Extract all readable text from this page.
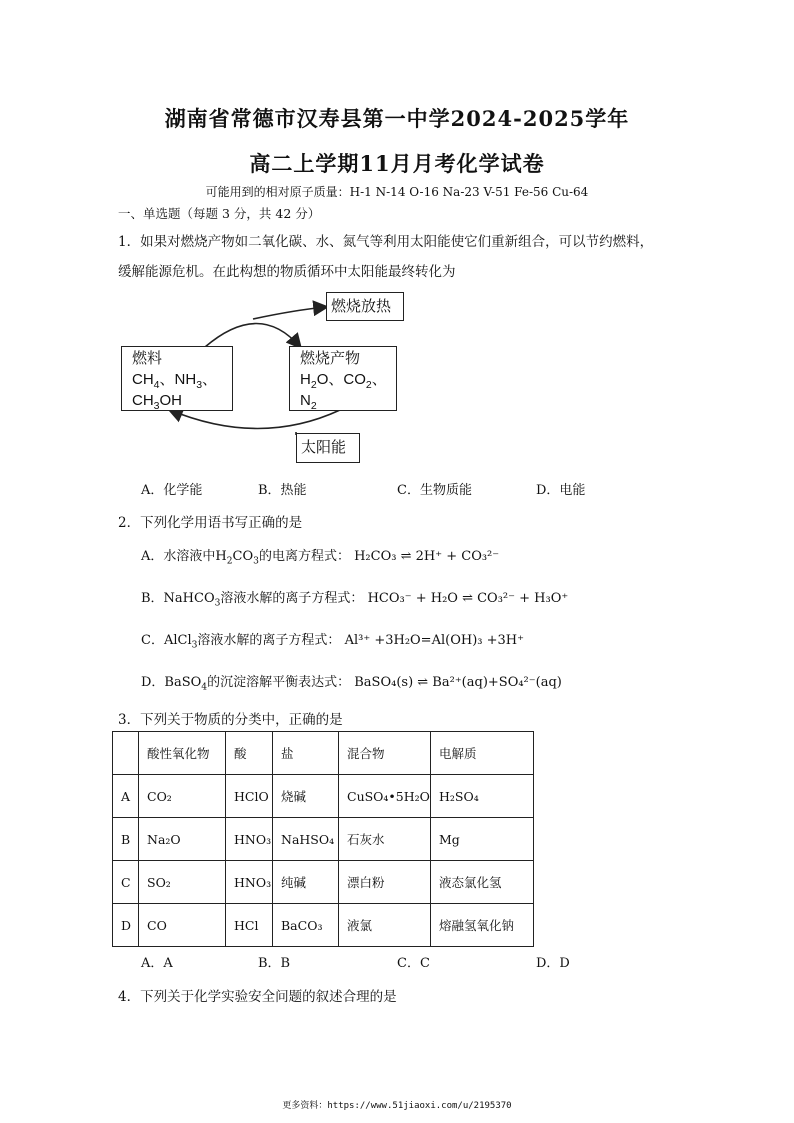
湖南省常德市汉寿县第一中学2024-2025学年
高二上学期11月月考化学试卷
可能用到的相对原子质量：H-1 N-14 O-16 Na-23 V-51 Fe-56 Cu-64
一、单选题（每题 3 分，共 42 分）
1．如果对燃烧产物如二氧化碳、水、氮气等利用太阳能使它们重新组合，可以节约燃料，
缓解能源危机。在此构想的物质循环中太阳能最终转化为
燃烧放热
燃料
$CH_4$、$NH_3$、
$CH_3OH$
燃烧产物
$H_2O$、$CO_2$、
$N_2$
太阳能
A．化学能	B．热能	C．生物质能	D．电能
2．下列化学用语书写正确的是
A．水溶液中$H_2CO_3$的电离方程式： H₂CO₃ ⇌ 2H⁺ + CO₃²⁻
B．NaHCO$_3$溶液水解的离子方程式： HCO₃⁻ + H₂O ⇌ CO₃²⁻ + H₃O⁺
C．AlCl$_3$溶液水解的离子方程式： Al³⁺ +3H₂O=Al(OH)₃ +3H⁺
D．BaSO$_4$的沉淀溶解平衡表达式： BaSO₄(s) ⇌ Ba²⁺(aq)+SO₄²⁻(aq)
3．下列关于物质的分类中，正确的是
	酸性氧化物	酸	盐	混合物	电解质
A	CO₂	HClO	烧碱	CuSO₄•5H₂O	H₂SO₄
B	Na₂O	HNO₃	NaHSO₄	石灰水	Mg
C	SO₂	HNO₃	纯碱	漂白粉	液态氯化氢
D	CO	HCl	BaCO₃	液氯	熔融氢氧化钠
A．A	B．B	C．C	D．D
4．下列关于化学实验安全问题的叙述合理的是
更多资料：https://www.51jiaoxi.com/u/2195370
